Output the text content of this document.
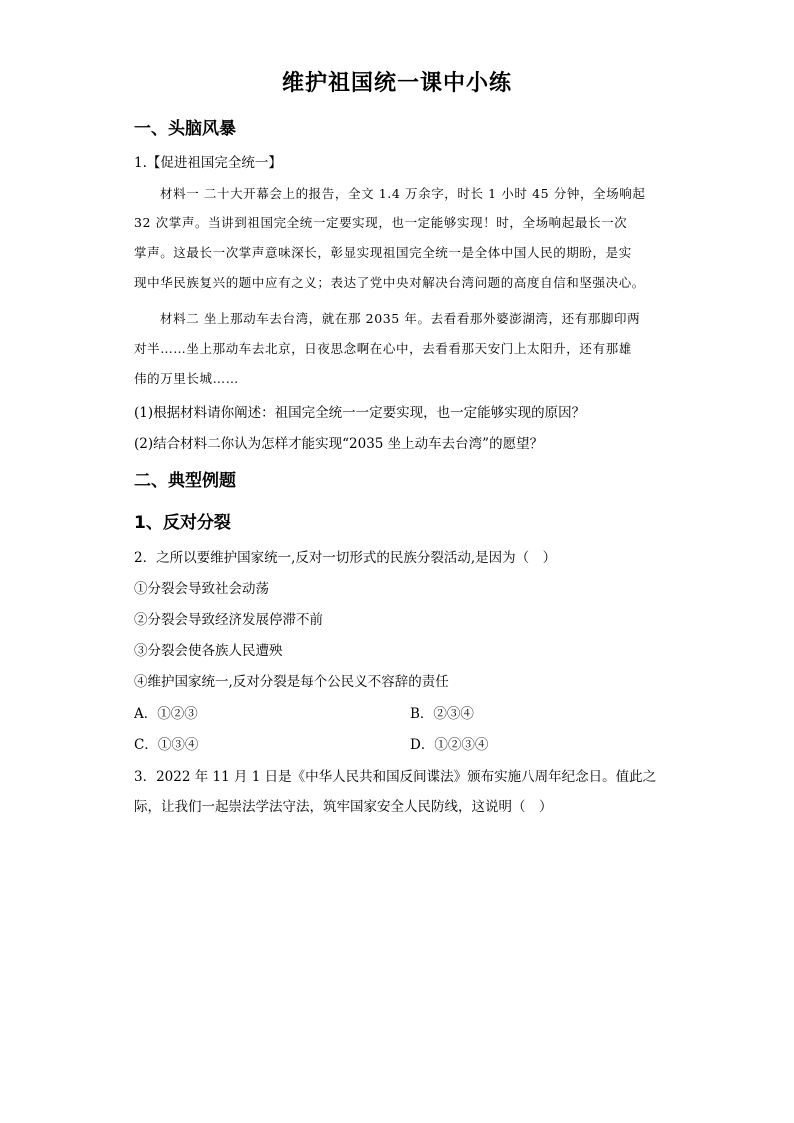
维护祖国统一课中小练
一、头脑风暴
1.【促进祖国完全统一】
材料一 二十大开幕会上的报告，全文 1.4 万余字，时长 1 小时 45 分钟，全场响起
32 次掌声。当讲到祖国完全统一定要实现，也一定能够实现！时，全场响起最长一次
掌声。这最长一次掌声意味深长，彰显实现祖国完全统一是全体中国人民的期盼，是实
现中华民族复兴的题中应有之义；表达了党中央对解决台湾问题的高度自信和坚强决心。
材料二 坐上那动车去台湾，就在那 2035 年。去看看那外婆澎湖湾，还有那脚印两
对半……坐上那动车去北京，日夜思念啊在心中，去看看那天安门上太阳升，还有那雄
伟的万里长城……
(1)根据材料请你阐述：祖国完全统一一定要实现，也一定能够实现的原因？
(2)结合材料二你认为怎样才能实现“2035 坐上动车去台湾”的愿望？
二、典型例题
1、反对分裂
2．之所以要维护国家统一,反对一切形式的民族分裂活动,是因为（　）
①分裂会导致社会动荡
②分裂会导致经济发展停滞不前
③分裂会使各族人民遭殃
④维护国家统一,反对分裂是每个公民义不容辞的责任
A．①②③	B．②③④
C．①③④	D．①②③④
3．2022 年 11 月 1 日是《中华人民共和国反间谍法》颁布实施八周年纪念日。值此之
际，让我们一起崇法学法守法，筑牢国家安全人民防线，这说明（　）
